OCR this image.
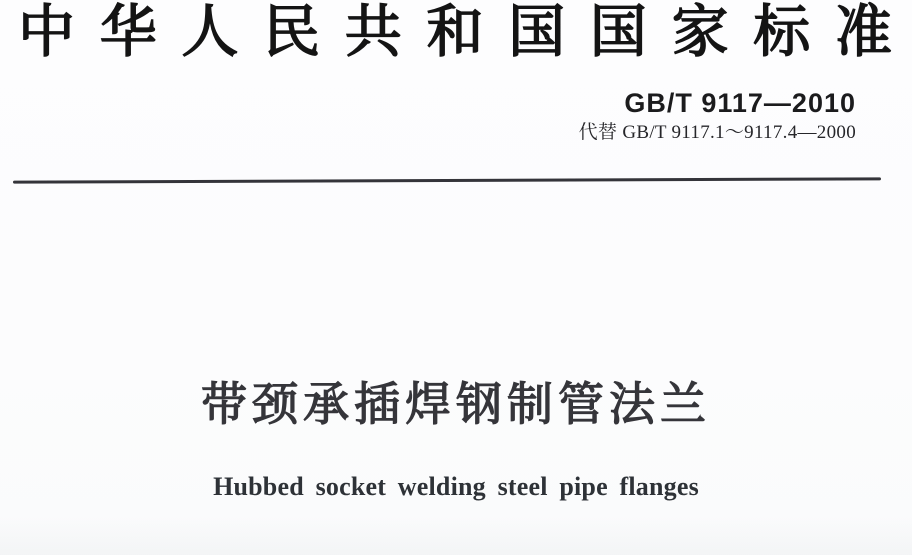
中华人民共和国国家标准
GB/T 9117—2010
代替 GB/T 9117.1～9117.4—2000
带颈承插焊钢制管法兰
Hubbed socket welding steel pipe flanges
